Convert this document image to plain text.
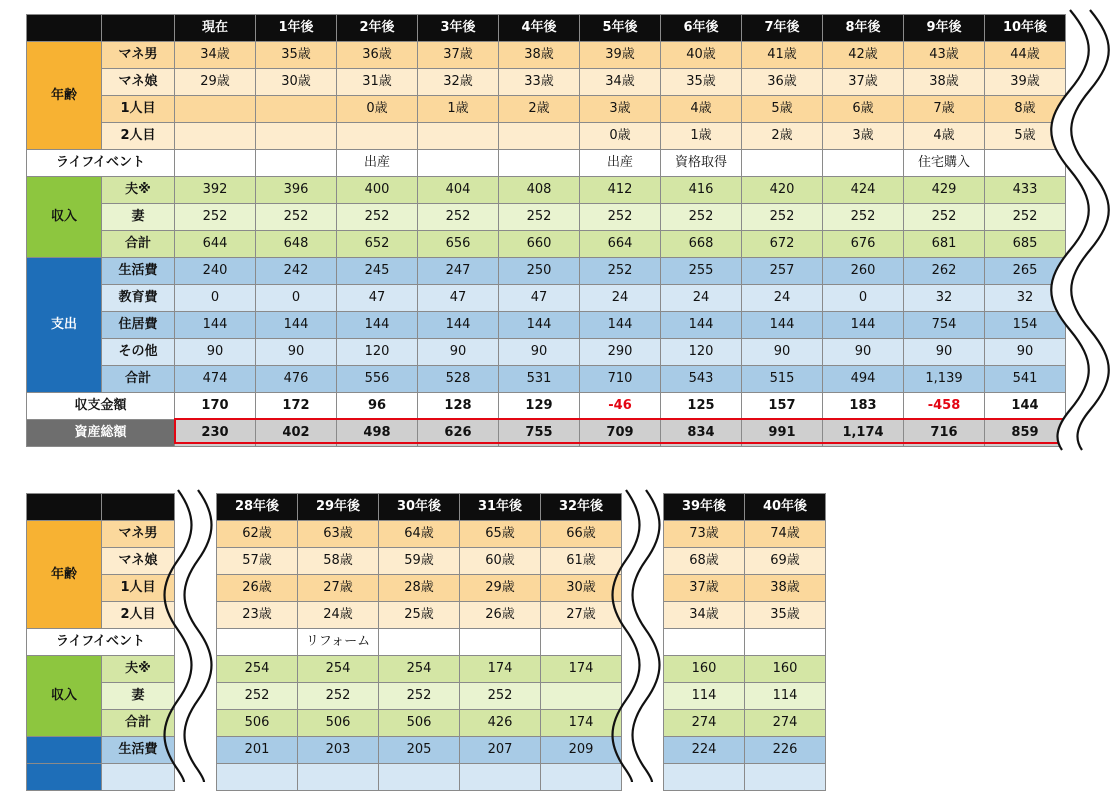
		現在	1年後	2年後	3年後	4年後	5年後	6年後	7年後	8年後	9年後	10年後
年齢	マネ男	34歳	35歳	36歳	37歳	38歳	39歳	40歳	41歳	42歳	43歳	44歳
	マネ娘	29歳	30歳	31歳	32歳	33歳	34歳	35歳	36歳	37歳	38歳	39歳
	1人目			0歳	1歳	2歳	3歳	4歳	5歳	6歳	7歳	8歳
	2人目						0歳	1歳	2歳	3歳	4歳	5歳
ライフイベント				出産			出産	資格取得			住宅購入	
収入	夫※	392	396	400	404	408	412	416	420	424	429	433
	妻	252	252	252	252	252	252	252	252	252	252	252
	合計	644	648	652	656	660	664	668	672	676	681	685
支出	生活費	240	242	245	247	250	252	255	257	260	262	265
	教育費	0	0	47	47	47	24	24	24	0	32	32
	住居費	144	144	144	144	144	144	144	144	144	754	154
	その他	90	90	120	90	90	290	120	90	90	90	90
	合計	474	476	556	528	531	710	543	515	494	1,139	541
収支金額		170	172	96	128	129	-46	125	157	183	-458	144
資産総額		230	402	498	626	755	709	834	991	1,174	716	859
			28年後	29年後	30年後	31年後	32年後		39年後	40年後
年齢	マネ男		62歳	63歳	64歳	65歳	66歳		73歳	74歳
	マネ娘		57歳	58歳	59歳	60歳	61歳		68歳	69歳
	1人目		26歳	27歳	28歳	29歳	30歳		37歳	38歳
	2人目		23歳	24歳	25歳	26歳	27歳		34歳	35歳
ライフイベント				リフォーム						
収入	夫※		254	254	254	174	174		160	160
	妻		252	252	252	252			114	114
	合計		506	506	506	426	174		274	274
	生活費		201	203	205	207	209		224	226
